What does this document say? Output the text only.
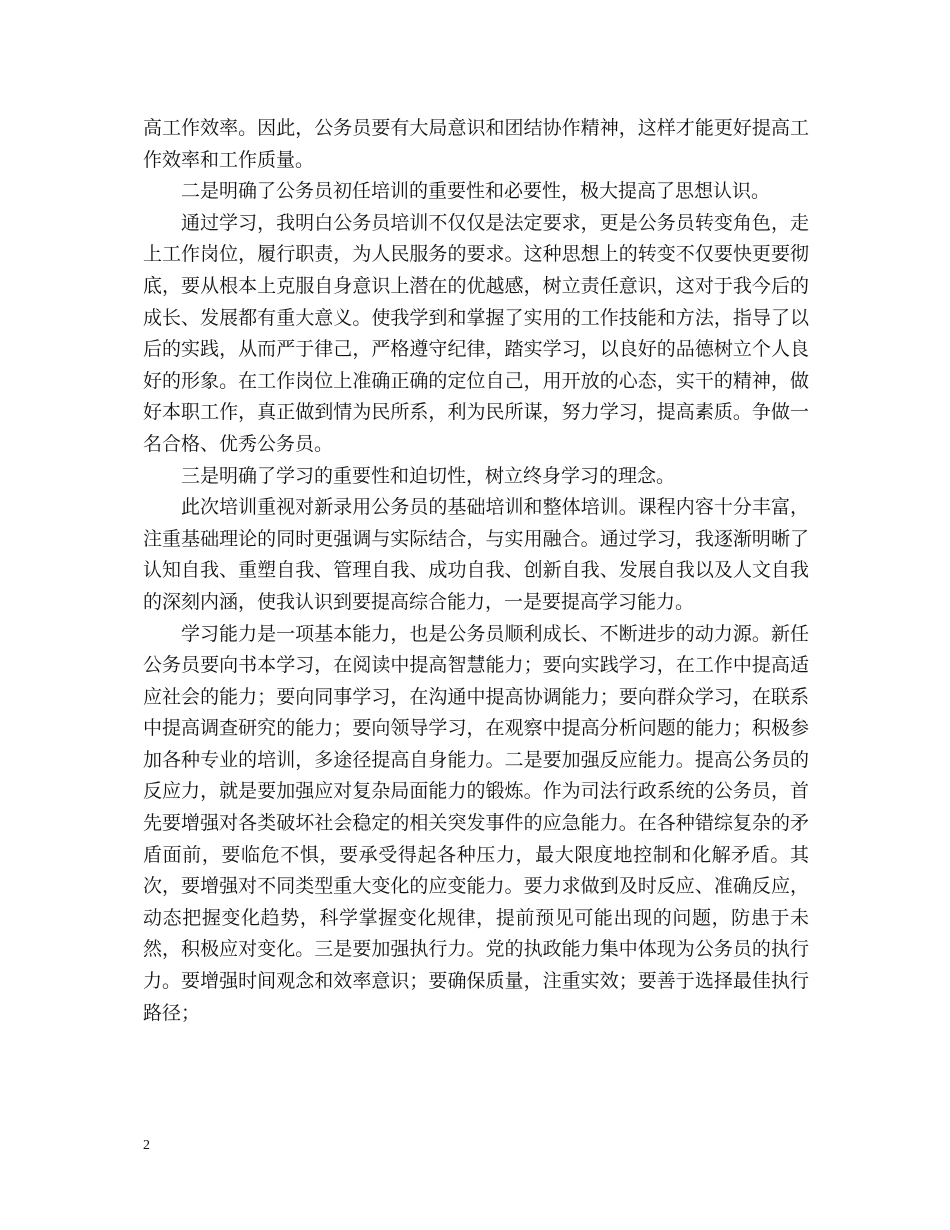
高工作效率。因此，公务员要有大局意识和团结协作精神，这样才能更好提高工作效率和工作质量。

二是明确了公务员初任培训的重要性和必要性，极大提高了思想认识。

通过学习，我明白公务员培训不仅仅是法定要求，更是公务员转变角色，走上工作岗位，履行职责，为人民服务的要求。这种思想上的转变不仅要快更要彻底，要从根本上克服自身意识上潜在的优越感，树立责任意识，这对于我今后的成长、发展都有重大意义。使我学到和掌握了实用的工作技能和方法，指导了以后的实践，从而严于律己，严格遵守纪律，踏实学习，以良好的品德树立个人良好的形象。在工作岗位上准确正确的定位自己，用开放的心态，实干的精神，做好本职工作，真正做到情为民所系，利为民所谋，努力学习，提高素质。争做一名合格、优秀公务员。

三是明确了学习的重要性和迫切性，树立终身学习的理念。

此次培训重视对新录用公务员的基础培训和整体培训。课程内容十分丰富，注重基础理论的同时更强调与实际结合，与实用融合。通过学习，我逐渐明晰了认知自我、重塑自我、管理自我、成功自我、创新自我、发展自我以及人文自我的深刻内涵，使我认识到要提高综合能力，一是要提高学习能力。

学习能力是一项基本能力，也是公务员顺利成长、不断进步的动力源。新任公务员要向书本学习，在阅读中提高智慧能力；要向实践学习，在工作中提高适应社会的能力；要向同事学习，在沟通中提高协调能力；要向群众学习，在联系中提高调查研究的能力；要向领导学习，在观察中提高分析问题的能力；积极参加各种专业的培训，多途径提高自身能力。二是要加强反应能力。提高公务员的反应力，就是要加强应对复杂局面能力的锻炼。作为司法行政系统的公务员，首先要增强对各类破坏社会稳定的相关突发事件的应急能力。在各种错综复杂的矛盾面前，要临危不惧，要承受得起各种压力，最大限度地控制和化解矛盾。其次，要增强对不同类型重大变化的应变能力。要力求做到及时反应、准确反应，动态把握变化趋势，科学掌握变化规律，提前预见可能出现的问题，防患于未然，积极应对变化。三是要加强执行力。党的执政能力集中体现为公务员的执行力。要增强时间观念和效率意识；要确保质量，注重实效；要善于选择最佳执行路径；

2
